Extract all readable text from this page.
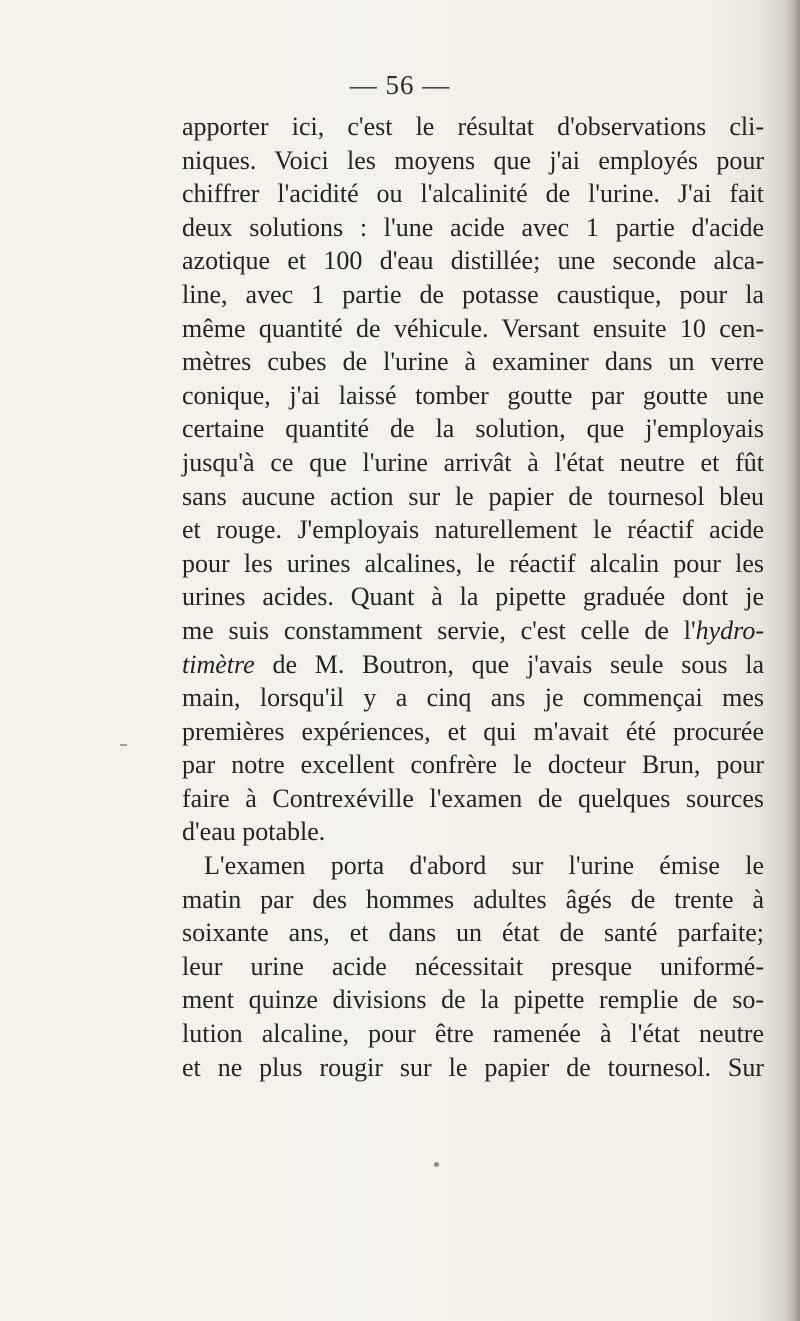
— 56 —
apporter ici, c'est le résultat d'observations cli-
niques. Voici les moyens que j'ai employés pour
chiffrer l'acidité ou l'alcalinité de l'urine. J'ai fait
deux solutions : l'une acide avec 1 partie d'acide
azotique et 100 d'eau distillée; une seconde alca-
line, avec 1 partie de potasse caustique, pour la
même quantité de véhicule. Versant ensuite 10 cen-
mètres cubes de l'urine à examiner dans un verre
conique, j'ai laissé tomber goutte par goutte une
certaine quantité de la solution, que j'employais
jusqu'à ce que l'urine arrivât à l'état neutre et fût
sans aucune action sur le papier de tournesol bleu
et rouge. J'employais naturellement le réactif acide
pour les urines alcalines, le réactif alcalin pour les
urines acides. Quant à la pipette graduée dont je
me suis constamment servie, c'est celle de l'hydro-
timètre de M. Boutron, que j'avais seule sous la
main, lorsqu'il y a cinq ans je commençai mes
premières expériences, et qui m'avait été procurée
par notre excellent confrère le docteur Brun, pour
faire à Contrexéville l'examen de quelques sources
d'eau potable.
L'examen porta d'abord sur l'urine émise le
matin par des hommes adultes âgés de trente à
soixante ans, et dans un état de santé parfaite;
leur urine acide nécessitait presque uniformé-
ment quinze divisions de la pipette remplie de so-
lution alcaline, pour être ramenée à l'état neutre
et ne plus rougir sur le papier de tournesol. Sur
